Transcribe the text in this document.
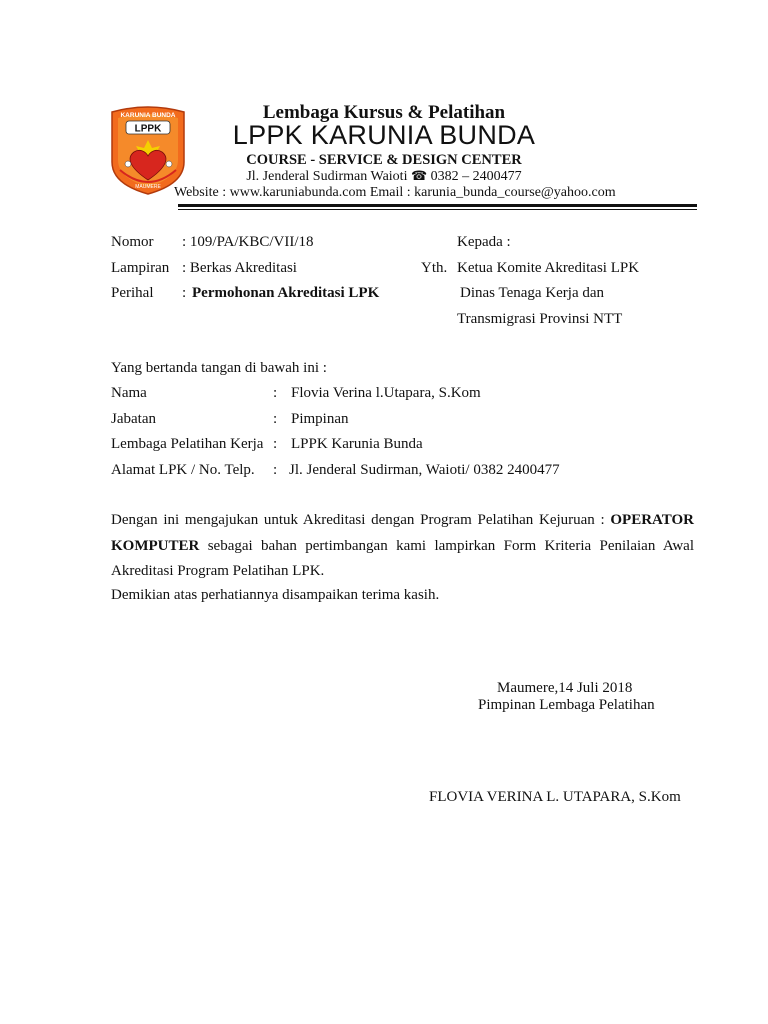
KARUNIA BUNDA
LPPK
MAUMERE
Lembaga Kursus & Pelatihan
LPPK KARUNIA BUNDA
COURSE - SERVICE & DESIGN CENTER
Jl. Jenderal Sudirman Waioti ☎ 0382 – 2400477
Website : www.karuniabunda.com Email : karunia_bunda_course@yahoo.com
Nomor : 109/PA/KBC/VII/18
Lampiran : Berkas Akreditasi
Perihal : Permohonan Akreditasi LPK
Kepada :
Yth. Ketua Komite Akreditasi LPK
Dinas Tenaga Kerja dan
Transmigrasi Provinsi NTT
Yang bertanda tangan di bawah ini :
Nama	: Flovia Verina l.Utapara, S.Kom
Jabatan	: Pimpinan
Lembaga Pelatihan Kerja : LPPK Karunia Bunda
Alamat LPK / No. Telp. : Jl. Jenderal Sudirman, Waioti/ 0382 2400477
Dengan ini mengajukan untuk Akreditasi dengan Program Pelatihan Kejuruan : OPERATOR KOMPUTER sebagai bahan pertimbangan kami lampirkan Form Kriteria Penilaian Awal Akreditasi Program Pelatihan LPK.
Demikian atas perhatiannya disampaikan terima kasih.
Maumere,14 Juli 2018
Pimpinan Lembaga Pelatihan
FLOVIA VERINA L. UTAPARA, S.Kom
